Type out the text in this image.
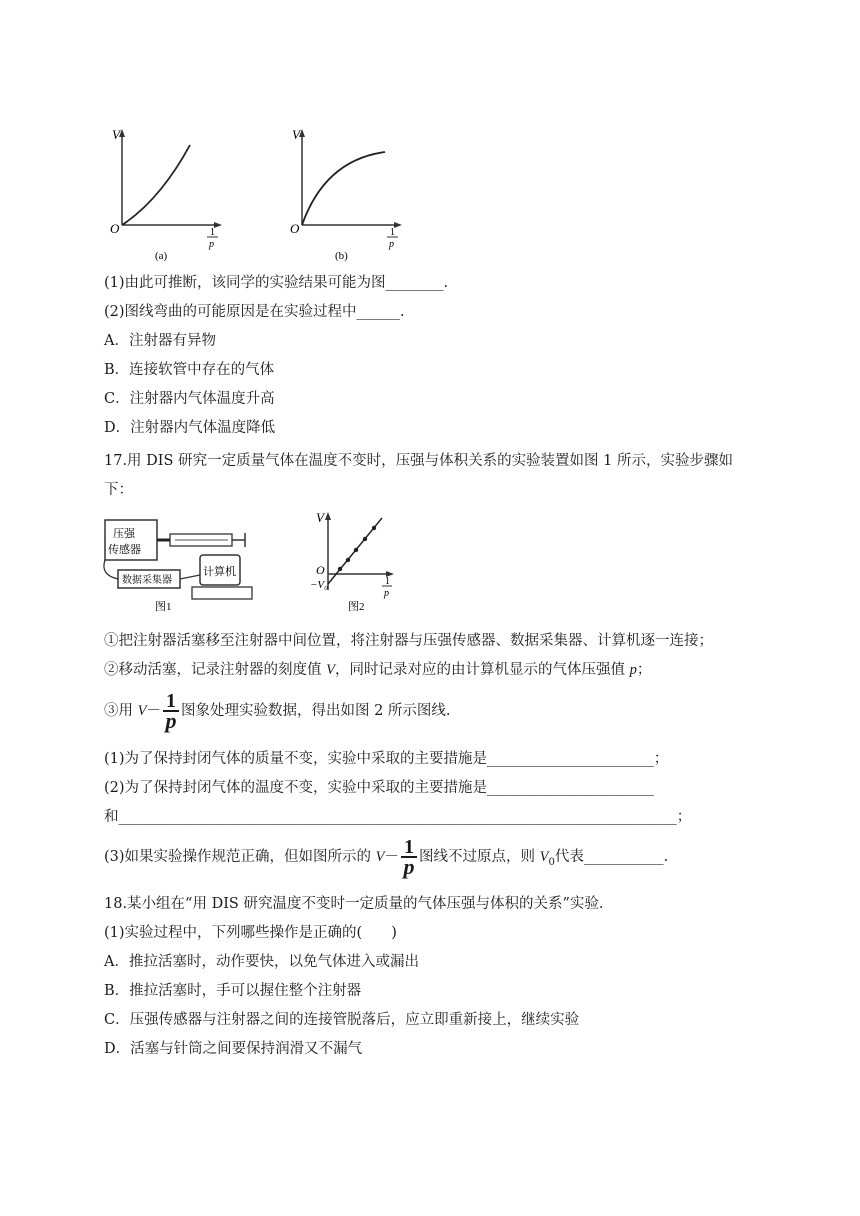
V
O	1
p
(a)
V
O	1
p
(b)
(1)由此可推断，该同学的实验结果可能为图________.
(2)图线弯曲的可能原因是在实验过程中______.
A．注射器有异物
B．连接软管中存在的气体
C．注射器内气体温度升高
D．注射器内气体温度降低
17.用 DIS 研究一定质量气体在温度不变时，压强与体积关系的实验装置如图 1 所示，实验步骤如
下：
压强
传感器
计算机
数据采集器
图1
V
O
−V₀	1
p
图2
①把注射器活塞移至注射器中间位置，将注射器与压强传感器、数据采集器、计算机逐一连接；
②移动活塞，记录注射器的刻度值 V，同时记录对应的由计算机显示的气体压强值 p；
③用 $V- \frac{1}{p}$ 图象处理实验数据，得出如图 2 所示图线.
(1)为了保持封闭气体的质量不变，实验中采取的主要措施是_______________________；
(2)为了保持封闭气体的温度不变，实验中采取的主要措施是_______________________
和_____________________________________________________________________________；
(3)如果实验操作规范正确，但如图所示的 $V- \frac{1}{p}$ 图线不过原点，则 $V_0$代表___________.
18.某小组在“用 DIS 研究温度不变时一定质量的气体压强与体积的关系”实验.
(1)实验过程中，下列哪些操作是正确的(　　)
A．推拉活塞时，动作要快，以免气体进入或漏出
B．推拉活塞时，手可以握住整个注射器
C．压强传感器与注射器之间的连接管脱落后，应立即重新接上，继续实验
D．活塞与针筒之间要保持润滑又不漏气
